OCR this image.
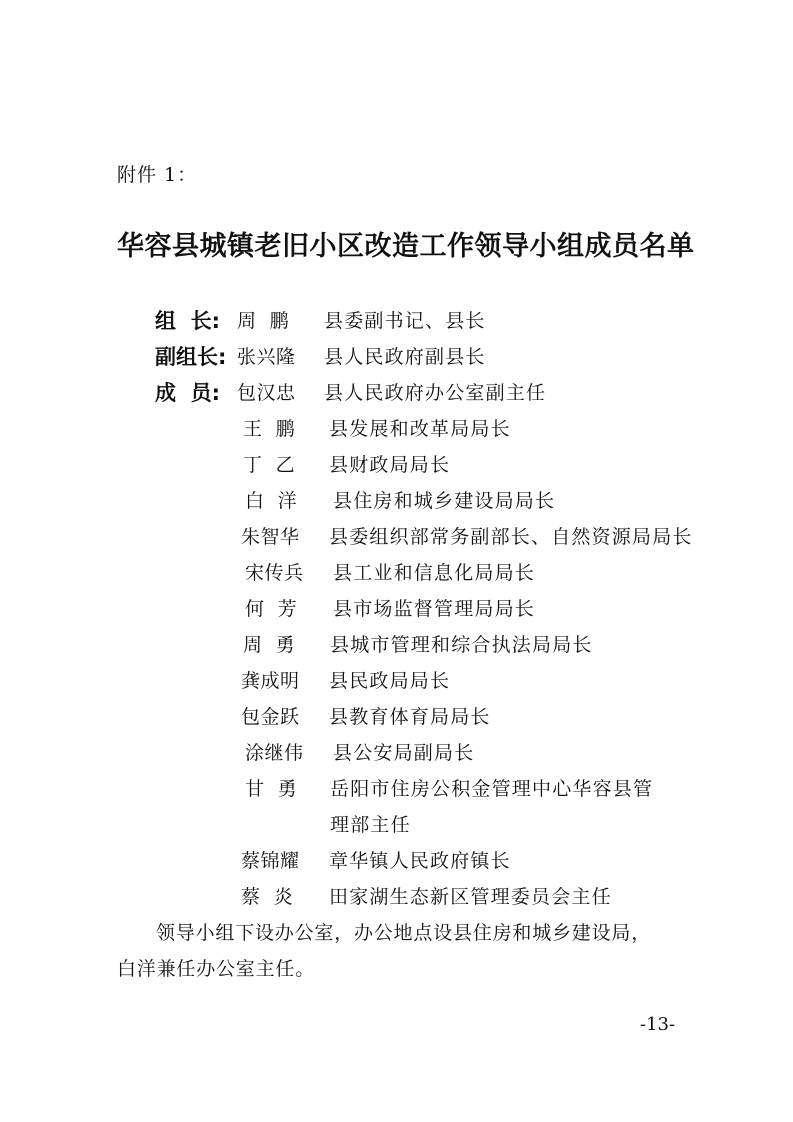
附件 1：
华容县城镇老旧小区改造工作领导小组成员名单
组  长:
副组长:
成  员:
周  鹏 县委副书记、县长
张兴隆 县人民政府副县长
包汉忠 县人民政府办公室副主任
王  鹏 县发展和改革局局长
丁  乙 县财政局局长
白  洋 县住房和城乡建设局局长
朱智华 县委组织部常务副部长、自然资源局局长
宋传兵 县工业和信息化局局长
何  芳 县市场监督管理局局长
周  勇 县城市管理和综合执法局局长
龚成明 县民政局局长
包金跃 县教育体育局局长
涂继伟 县公安局副局长
甘  勇 岳阳市住房公积金管理中心华容县管
理部主任
蔡锦耀 章华镇人民政府镇长
蔡  炎 田家湖生态新区管理委员会主任
领导小组下设办公室，办公地点设县住房和城乡建设局，
白洋兼任办公室主任。
-13-
